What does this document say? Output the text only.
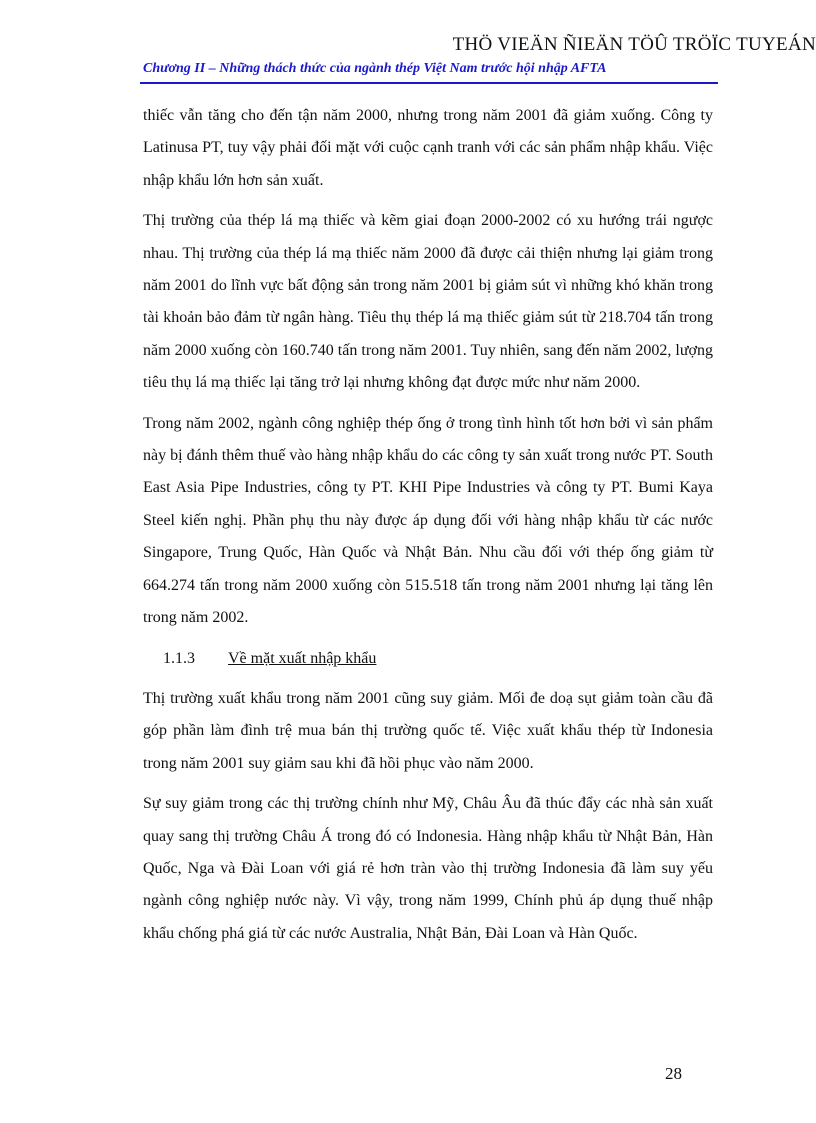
THÖ VIEÄN ÑIEÄN TÖÛ TRÖÏC TUYEÁN
Chương II – Những thách thức của ngành thép Việt Nam trước hội nhập AFTA

thiếc vẫn tăng cho đến tận năm 2000, nhưng trong năm 2001 đã giảm xuống. Công ty Latinusa PT, tuy vậy phải đối mặt với cuộc cạnh tranh với các sản phẩm nhập khẩu. Việc nhập khẩu lớn hơn sản xuất.

Thị trường của thép lá mạ thiếc và kẽm giai đoạn 2000-2002 có xu hướng trái ngược nhau. Thị trường của thép lá mạ thiếc năm 2000 đã được cải thiện nhưng lại giảm trong năm 2001 do lĩnh vực bất động sản trong năm 2001 bị giảm sút vì những khó khăn trong tài khoản bảo đảm từ ngân hàng. Tiêu thụ thép lá mạ thiếc giảm sút từ 218.704 tấn trong năm 2000 xuống còn 160.740 tấn trong năm 2001. Tuy nhiên, sang đến năm 2002, lượng tiêu thụ lá mạ thiếc lại tăng trở lại nhưng không đạt được mức như năm 2000.

Trong năm 2002, ngành công nghiệp thép ống ở trong tình hình tốt hơn bởi vì sản phẩm này bị đánh thêm thuế vào hàng nhập khẩu do các công ty sản xuất trong nước PT. South East Asia Pipe Industries, công ty PT. KHI Pipe Industries và công ty PT. Bumi Kaya Steel kiến nghị. Phần phụ thu này được áp dụng đối với hàng nhập khẩu từ các nước Singapore, Trung Quốc, Hàn Quốc và Nhật Bản. Nhu cầu đối với thép ống giảm từ 664.274 tấn trong năm 2000 xuống còn 515.518 tấn trong năm 2001 nhưng lại tăng lên trong năm 2002.

1.1.3 Về mặt xuất nhập khẩu

Thị trường xuất khẩu trong năm 2001 cũng suy giảm. Mối đe doạ sụt giảm toàn cầu đã góp phần làm đình trệ mua bán thị trường quốc tế. Việc xuất khẩu thép từ Indonesia trong năm 2001 suy giảm sau khi đã hồi phục vào năm 2000.

Sự suy giảm trong các thị trường chính như Mỹ, Châu Âu đã thúc đẩy các nhà sản xuất quay sang thị trường Châu Á trong đó có Indonesia. Hàng nhập khẩu từ Nhật Bản, Hàn Quốc, Nga và Đài Loan với giá rẻ hơn tràn vào thị trường Indonesia đã làm suy yếu ngành công nghiệp nước này. Vì vậy, trong năm 1999, Chính phủ áp dụng thuế nhập khẩu chống phá giá từ các nước Australia, Nhật Bản, Đài Loan và Hàn Quốc.

28
